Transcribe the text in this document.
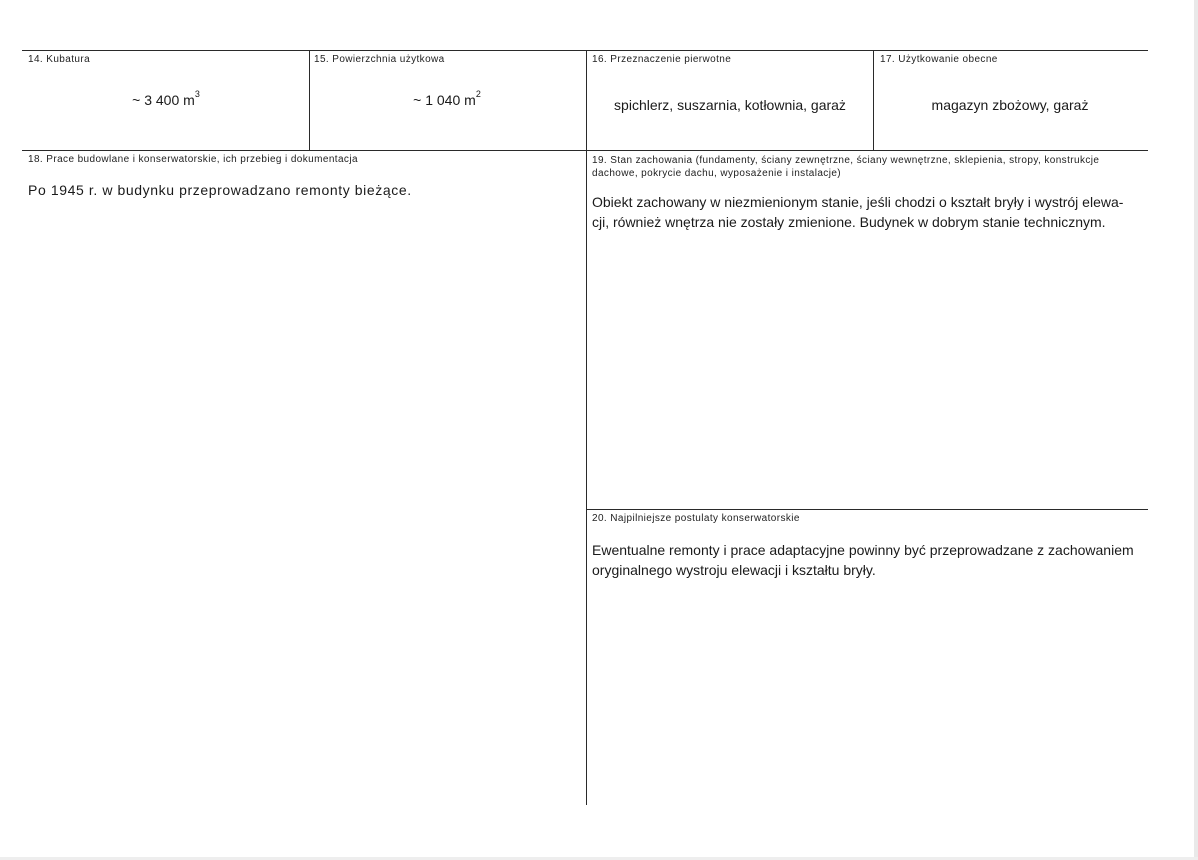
14. Kubatura
~ 3 400 $m^3$
15. Powierzchnia użytkowa
~ 1 040 $m^2$
16. Przeznaczenie pierwotne
spichlerz, suszarnia, kotłownia, garaż
17. Użytkowanie obecne
magazyn zbożowy, garaż
18. Prace budowlane i konserwatorskie, ich przebieg i dokumentacja
Po 1945 r. w budynku przeprowadzano remonty bieżące.
19. Stan zachowania (fundamenty, ściany zewnętrzne, ściany wewnętrzne, sklepienia, stropy, konstrukcje dachowe, pokrycie dachu, wyposażenie i instalacje)
Obiekt zachowany w niezmienionym stanie, jeśli chodzi o kształt bryły i wystrój elewa-
cji, również wnętrza nie zostały zmienione. Budynek w dobrym stanie technicznym.
20. Najpilniejsze postulaty konserwatorskie
Ewentualne remonty i prace adaptacyjne powinny być przeprowadzane z zachowaniem oryginalnego wystroju elewacji i kształtu bryły.
